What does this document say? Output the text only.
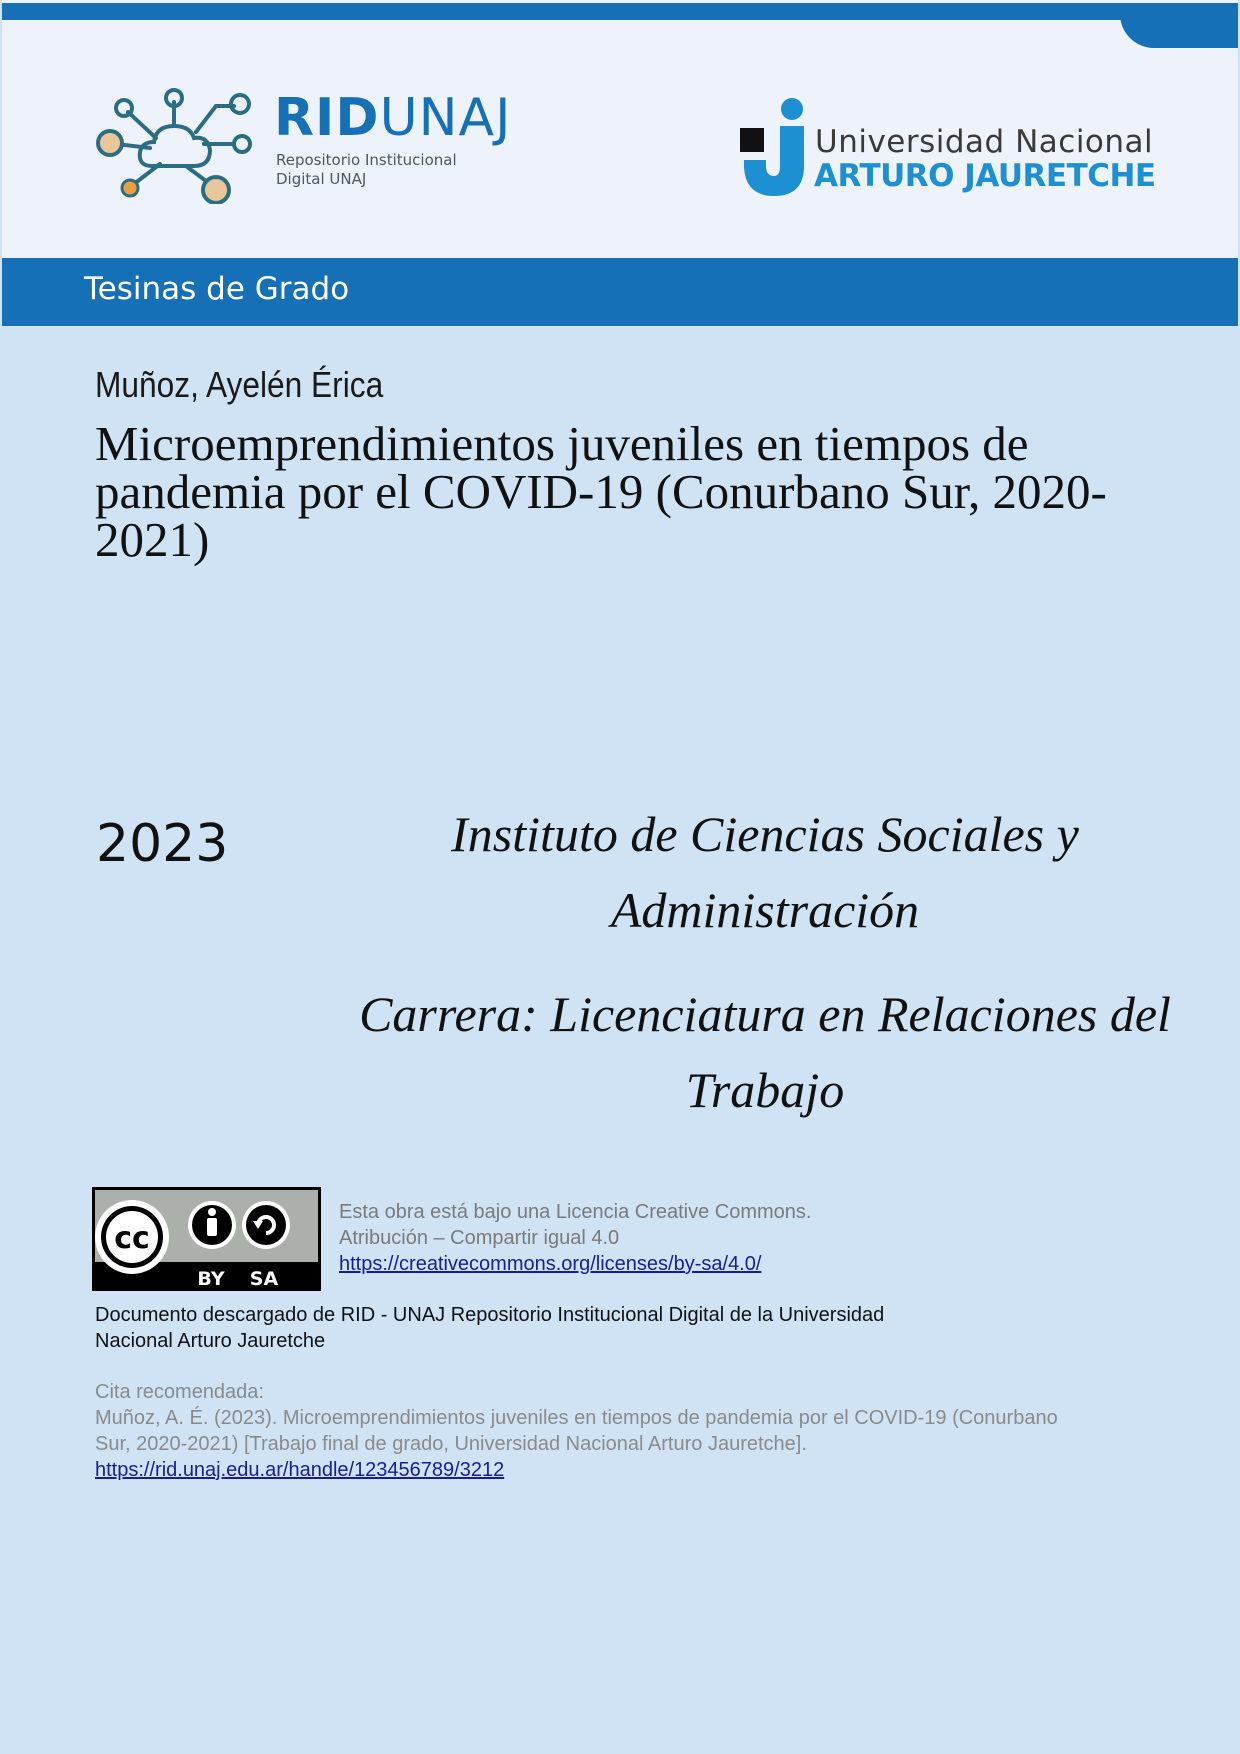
RIDUNAJ
Repositorio Institucional
Digital UNAJ
Universidad Nacional
ARTURO JAURETCHE
Tesinas de Grado
Muñoz, Ayelén Érica
Microemprendimientos juveniles en tiempos de pandemia por el COVID-19 (Conurbano Sur, 2020-2021)
2023	Instituto de Ciencias Sociales y
Administración
Carrera: Licenciatura en Relaciones del
Trabajo
cc
BY SA
Esta obra está bajo una Licencia Creative Commons.
Atribución – Compartir igual 4.0
https://creativecommons.org/licenses/by-sa/4.0/
Documento descargado de RID - UNAJ Repositorio Institucional Digital de la Universidad
Nacional Arturo Jauretche
Cita recomendada:
Muñoz, A. É. (2023). Microemprendimientos juveniles en tiempos de pandemia por el COVID-19 (Conurbano
Sur, 2020-2021) [Trabajo final de grado, Universidad Nacional Arturo Jauretche].
https://rid.unaj.edu.ar/handle/123456789/3212
